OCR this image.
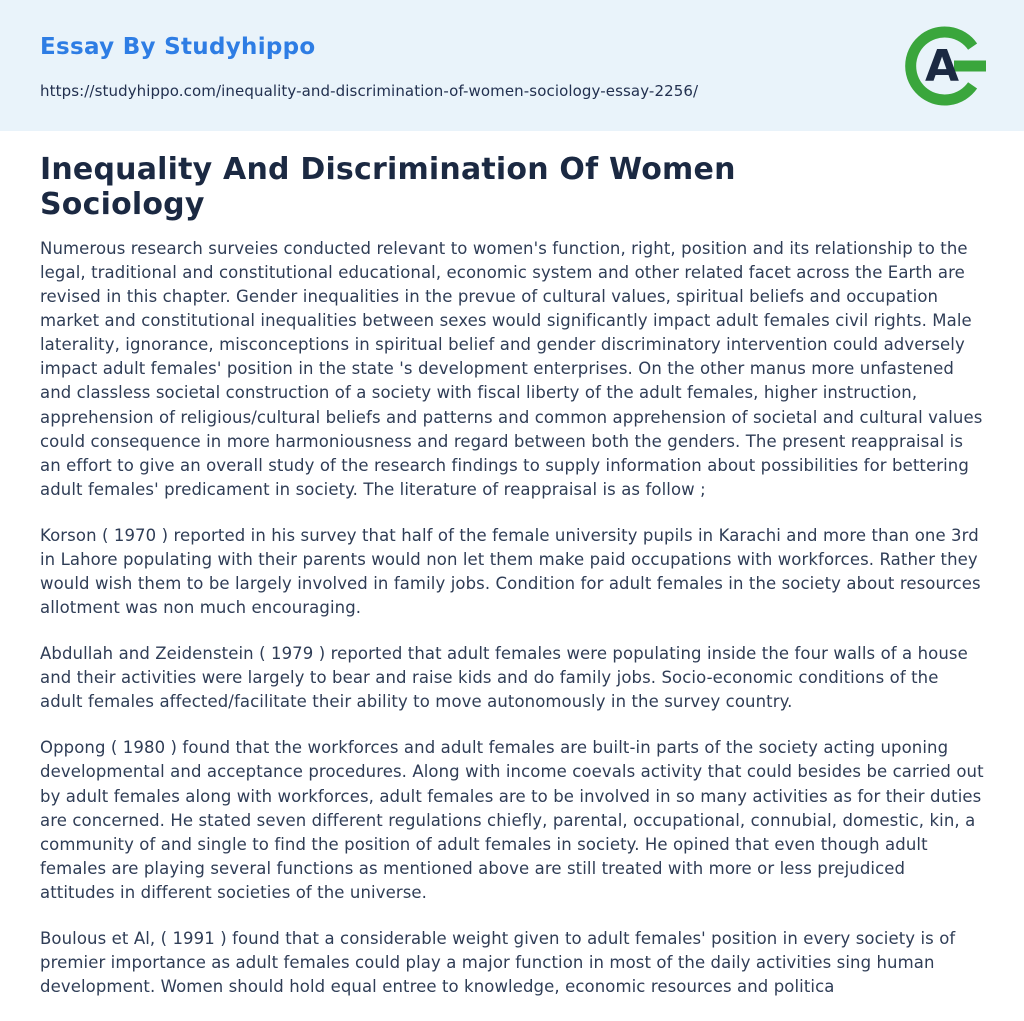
Essay By Studyhippo
https://studyhippo.com/inequality-and-discrimination-of-women-sociology-essay-2256/	A
Inequality And Discrimination Of Women Sociology

Numerous research surveies conducted relevant to women's function, right, position and its relationship to the legal, traditional and constitutional educational, economic system and other related facet across the Earth are revised in this chapter. Gender inequalities in the prevue of cultural values, spiritual beliefs and occupation market and constitutional inequalities between sexes would significantly impact adult females civil rights. Male laterality, ignorance, misconceptions in spiritual belief and gender discriminatory intervention could adversely impact adult females' position in the state 's development enterprises. On the other manus more unfastened and classless societal construction of a society with fiscal liberty of the adult females, higher instruction, apprehension of religious/cultural beliefs and patterns and common apprehension of societal and cultural values could consequence in more harmoniousness and regard between both the genders. The present reappraisal is an effort to give an overall study of the research findings to supply information about possibilities for bettering adult females' predicament in society. The literature of reappraisal is as follow ;

Korson ( 1970 ) reported in his survey that half of the female university pupils in Karachi and more than one 3rd in Lahore populating with their parents would non let them make paid occupations with workforces. Rather they would wish them to be largely involved in family jobs. Condition for adult females in the society about resources allotment was non much encouraging.

Abdullah and Zeidenstein ( 1979 ) reported that adult females were populating inside the four walls of a house and their activities were largely to bear and raise kids and do family jobs. Socio-economic conditions of the adult females affected/facilitate their ability to move autonomously in the survey country.

Oppong ( 1980 ) found that the workforces and adult females are built-in parts of the society acting uponing developmental and acceptance procedures. Along with income coevals activity that could besides be carried out by adult females along with workforces, adult females are to be involved in so many activities as for their duties are concerned. He stated seven different regulations chiefly, parental, occupational, connubial, domestic, kin, a community of and single to find the position of adult females in society. He opined that even though adult females are playing several functions as mentioned above are still treated with more or less prejudiced attitudes in different societies of the universe.

Boulous et Al, ( 1991 ) found that a considerable weight given to adult females' position in every society is of premier importance as adult females could play a major function in most of the daily activities sing human development. Women should hold equal entree to knowledge, economic resources and politica
